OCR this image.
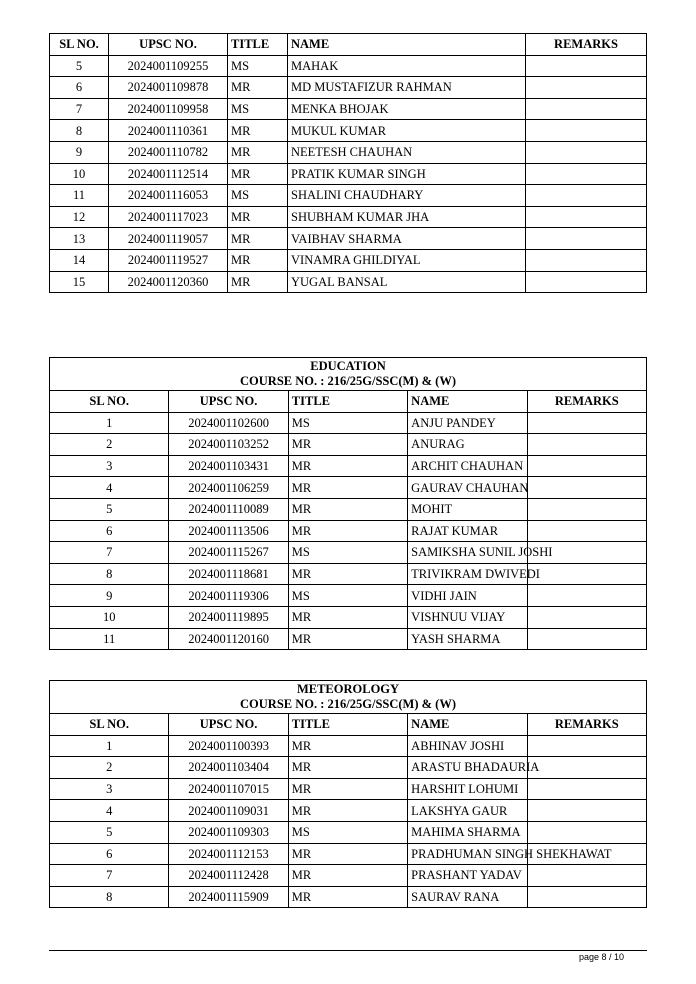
SL NO.	UPSC NO.	TITLE	NAME	REMARKS
5	2024001109255	MS	MAHAK	
6	2024001109878	MR	MD MUSTAFIZUR RAHMAN	
7	2024001109958	MS	MENKA BHOJAK	
8	2024001110361	MR	MUKUL KUMAR	
9	2024001110782	MR	NEETESH CHAUHAN	
10	2024001112514	MR	PRATIK KUMAR SINGH	
11	2024001116053	MS	SHALINI CHAUDHARY	
12	2024001117023	MR	SHUBHAM KUMAR JHA	
13	2024001119057	MR	VAIBHAV SHARMA	
14	2024001119527	MR	VINAMRA GHILDIYAL	
15	2024001120360	MR	YUGAL BANSAL	
EDUCATION
COURSE NO. : 216/25G/SSC(M) & (W)				

SL NO.	UPSC NO.	TITLE	NAME	REMARKS
1	2024001102600	MS	ANJU PANDEY	
2	2024001103252	MR	ANURAG	
3	2024001103431	MR	ARCHIT CHAUHAN	
4	2024001106259	MR	GAURAV CHAUHAN	
5	2024001110089	MR	MOHIT	
6	2024001113506	MR	RAJAT KUMAR	
7	2024001115267	MS	SAMIKSHA SUNIL JOSHI	
8	2024001118681	MR	TRIVIKRAM DWIVEDI	
9	2024001119306	MS	VIDHI JAIN	
10	2024001119895	MR	VISHNUU VIJAY	
11	2024001120160	MR	YASH SHARMA	
METEOROLOGY
COURSE NO. : 216/25G/SSC(M) & (W)				

SL NO.	UPSC NO.	TITLE	NAME	REMARKS
1	2024001100393	MR	ABHINAV JOSHI	
2	2024001103404	MR	ARASTU BHADAURIA	
3	2024001107015	MR	HARSHIT LOHUMI	
4	2024001109031	MR	LAKSHYA GAUR	
5	2024001109303	MS	MAHIMA SHARMA	
6	2024001112153	MR	PRADHUMAN SINGH SHEKHAWAT	
7	2024001112428	MR	PRASHANT YADAV	
8	2024001115909	MR	SAURAV RANA	
page 8 / 10
